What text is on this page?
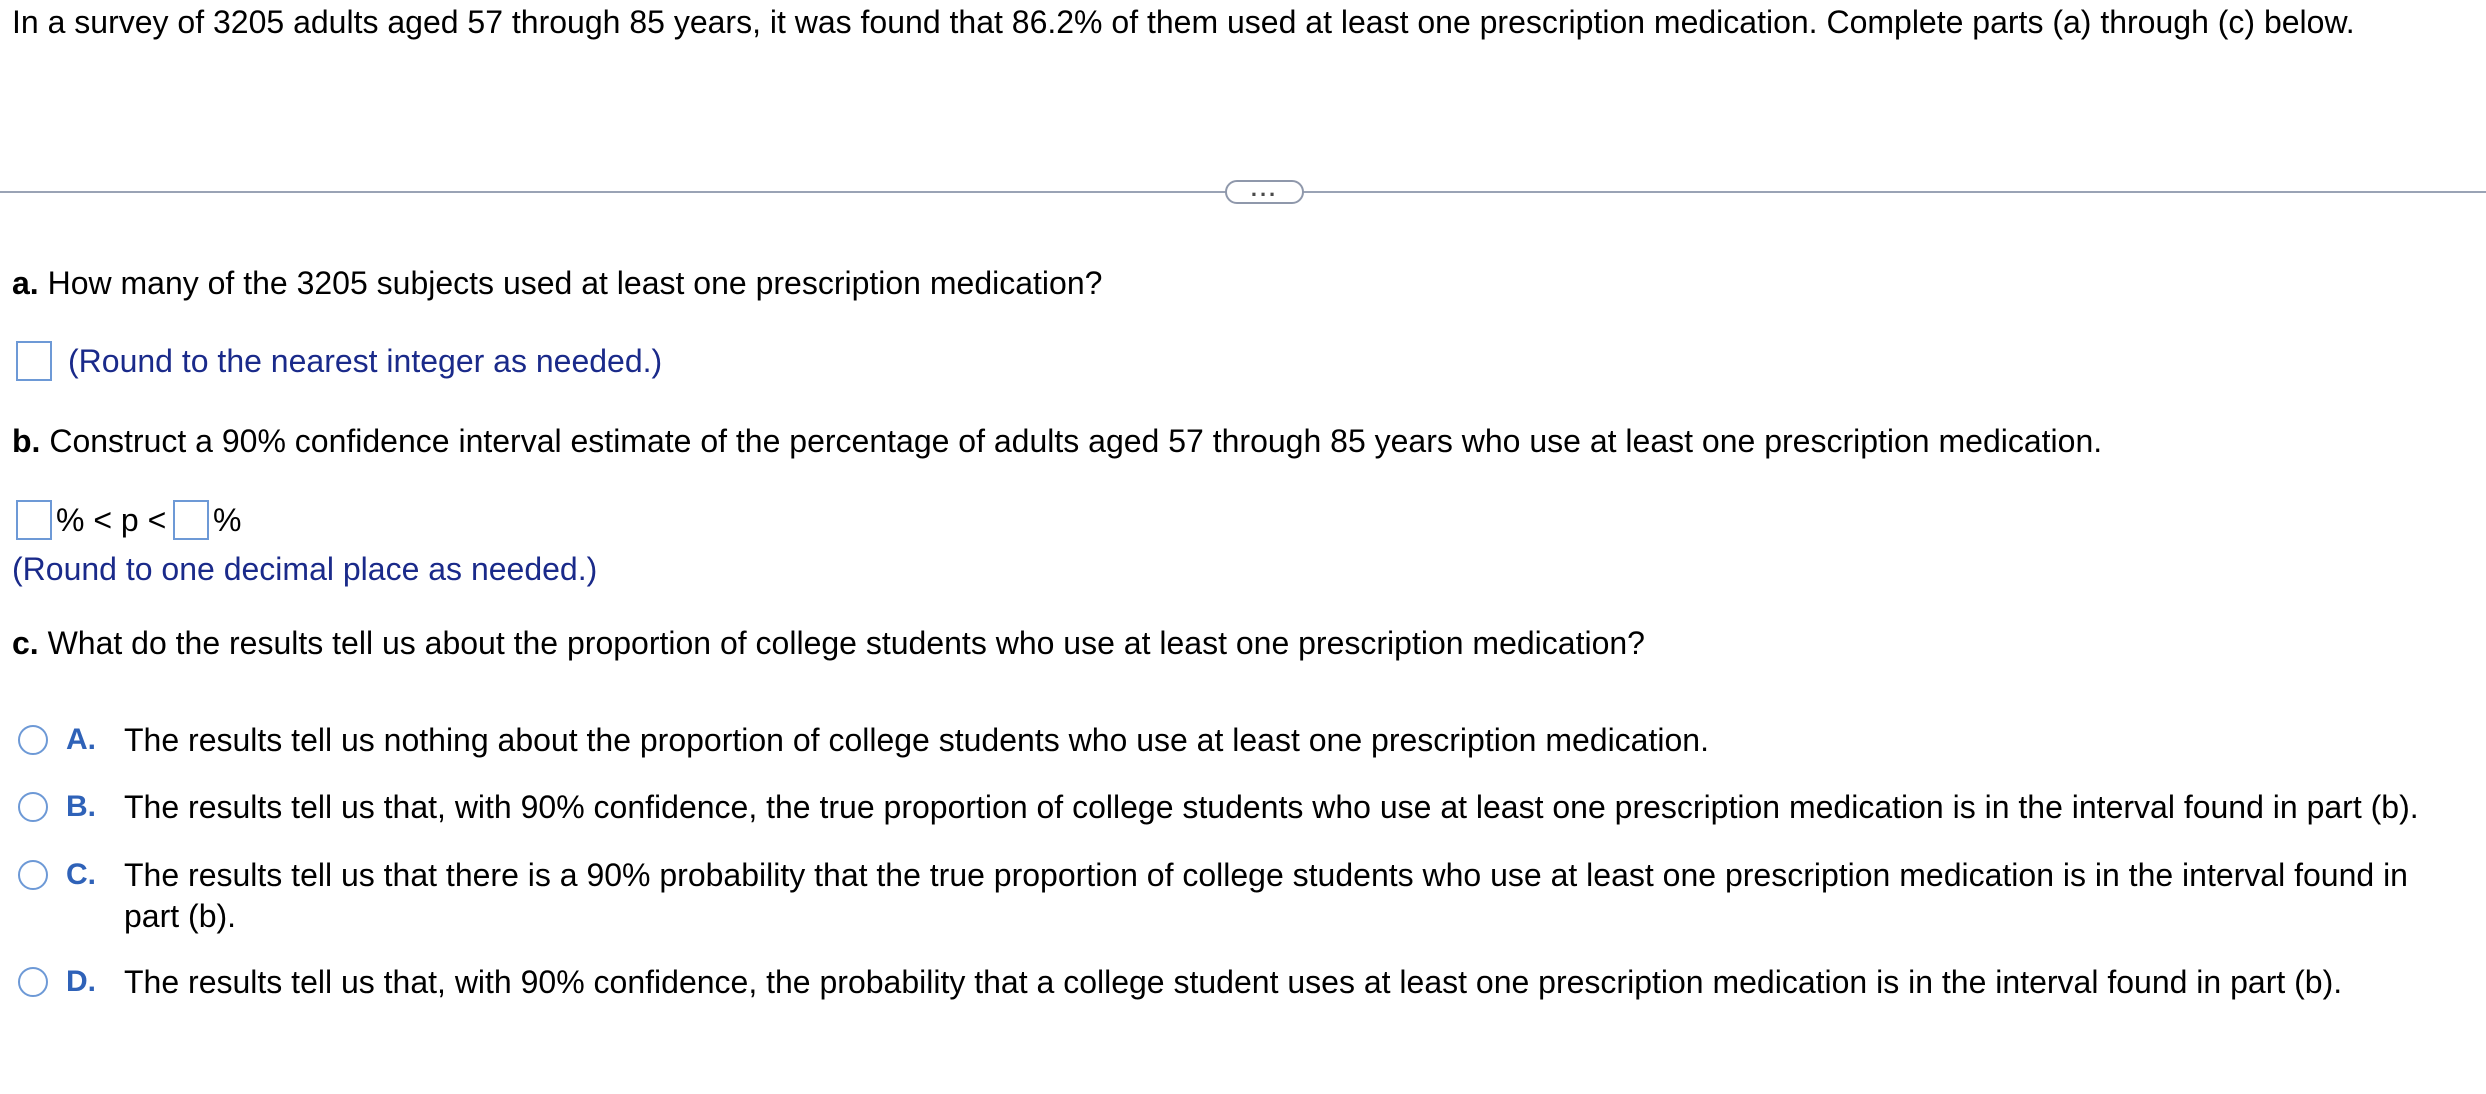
In a survey of 3205 adults aged 57 through 85 years, it was found that 86.2% of them used at least one prescription medication. Complete parts (a) through (c) below.
...
a. How many of the 3205 subjects used at least one prescription medication?
(Round to the nearest integer as needed.)
b. Construct a 90% confidence interval estimate of the percentage of adults aged 57 through 85 years who use at least one prescription medication.
% < p < %
(Round to one decimal place as needed.)
c. What do the results tell us about the proportion of college students who use at least one prescription medication?
A. The results tell us nothing about the proportion of college students who use at least one prescription medication.
B. The results tell us that, with 90% confidence, the true proportion of college students who use at least one prescription medication is in the interval found in part (b).
C. The results tell us that there is a 90% probability that the true proportion of college students who use at least one prescription medication is in the interval found in
part (b).
D. The results tell us that, with 90% confidence, the probability that a college student uses at least one prescription medication is in the interval found in part (b).
